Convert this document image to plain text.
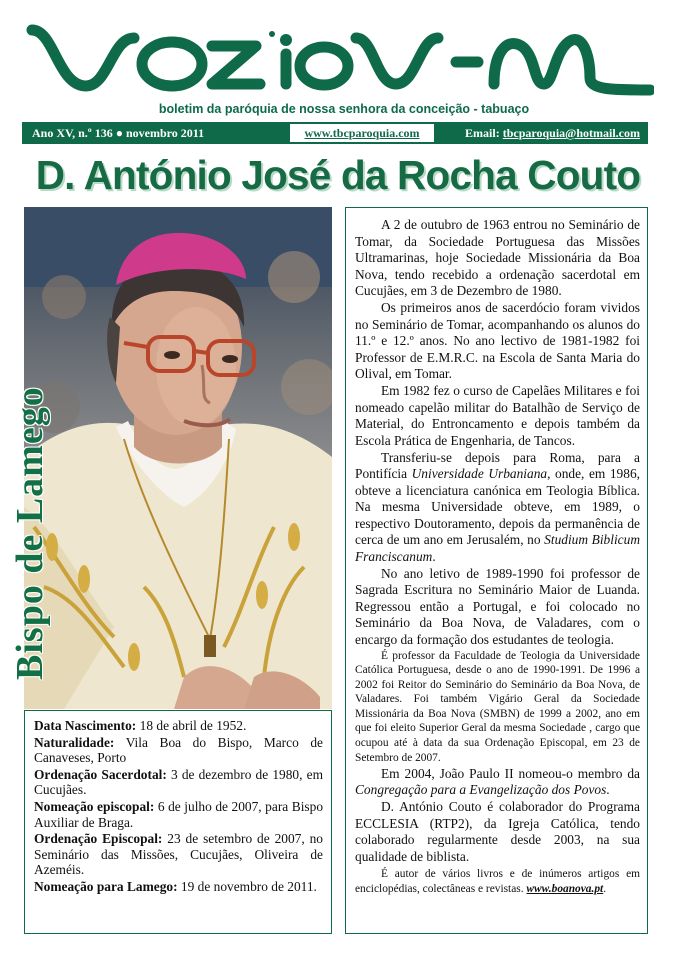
boletim da paróquia de nossa senhora da conceição - tabuaço
Ano XV, n.º 136 ● novembro 2011	www.tbcparoquia.com	Email: tbcparoquia@hotmail.com
D. António José da Rocha Couto
Bispo de Lamego

Data Nascimento: 18 de abril de 1952.

Naturalidade: Vila Boa do Bispo, Marco de Canaveses, Porto

Ordenação Sacerdotal: 3 de dezembro de 1980, em Cucujães.

Nomeação episcopal: 6 de julho de 2007, para Bispo Auxiliar de Braga.

Ordenação Episcopal: 23 de setembro de 2007, no Seminário das Missões, Cucujães, Oliveira de Azeméis.

Nomeação para Lamego: 19 de novembro de 2011.

A 2 de outubro de 1963 entrou no Seminário de Tomar, da Sociedade Portuguesa das Missões Ultramarinas, hoje Sociedade Missionária da Boa Nova, tendo recebido a ordenação sacerdotal em Cucujães, em 3 de Dezembro de 1980.

Os primeiros anos de sacerdócio foram vividos no Seminário de Tomar, acompanhando os alunos do 11.º e 12.º anos. No ano lectivo de 1981-1982 foi Professor de E.M.R.C. na Escola de Santa Maria do Olival, em Tomar.

Em 1982 fez o curso de Capelães Militares e foi nomeado capelão militar do Batalhão de Serviço de Material, do Entroncamento e depois também da Escola Prática de Engenharia, de Tancos.

Transferiu-se depois para Roma, para a Pontifícia Universidade Urbaniana, onde, em 1986, obteve a licenciatura canónica em Teologia Bíblica. Na mesma Universidade obteve, em 1989, o respectivo Doutoramento, depois da permanência de cerca de um ano em Jerusalém, no Studium Biblicum Franciscanum.

No ano letivo de 1989-1990 foi professor de Sagrada Escritura no Seminário Maior de Luanda. Regressou então a Portugal, e foi colocado no Seminário da Boa Nova, de Valadares, com o encargo da formação dos estudantes de teologia.

É professor da Faculdade de Teologia da Universidade Católica Portuguesa, desde o ano de 1990-1991. De 1996 a 2002 foi Reitor do Seminário do Seminário da Boa Nova, de Valadares. Foi também Vigário Geral da Sociedade Missionária da Boa Nova (SMBN) de 1999 a 2002, ano em que foi eleito Superior Geral da mesma Sociedade , cargo que ocupou até à data da sua Ordenação Episcopal, em 23 de Setembro de 2007.

Em 2004, João Paulo II nomeou-o membro da Congregação para a Evangelização dos Povos.

D. António Couto é colaborador do Programa ECCLESIA (RTP2), da Igreja Católica, tendo colaborado regularmente desde 2003, na sua qualidade de biblista.

É autor de vários livros e de inúmeros artigos em enciclopédias, colectâneas e revistas. www.boanova.pt.
